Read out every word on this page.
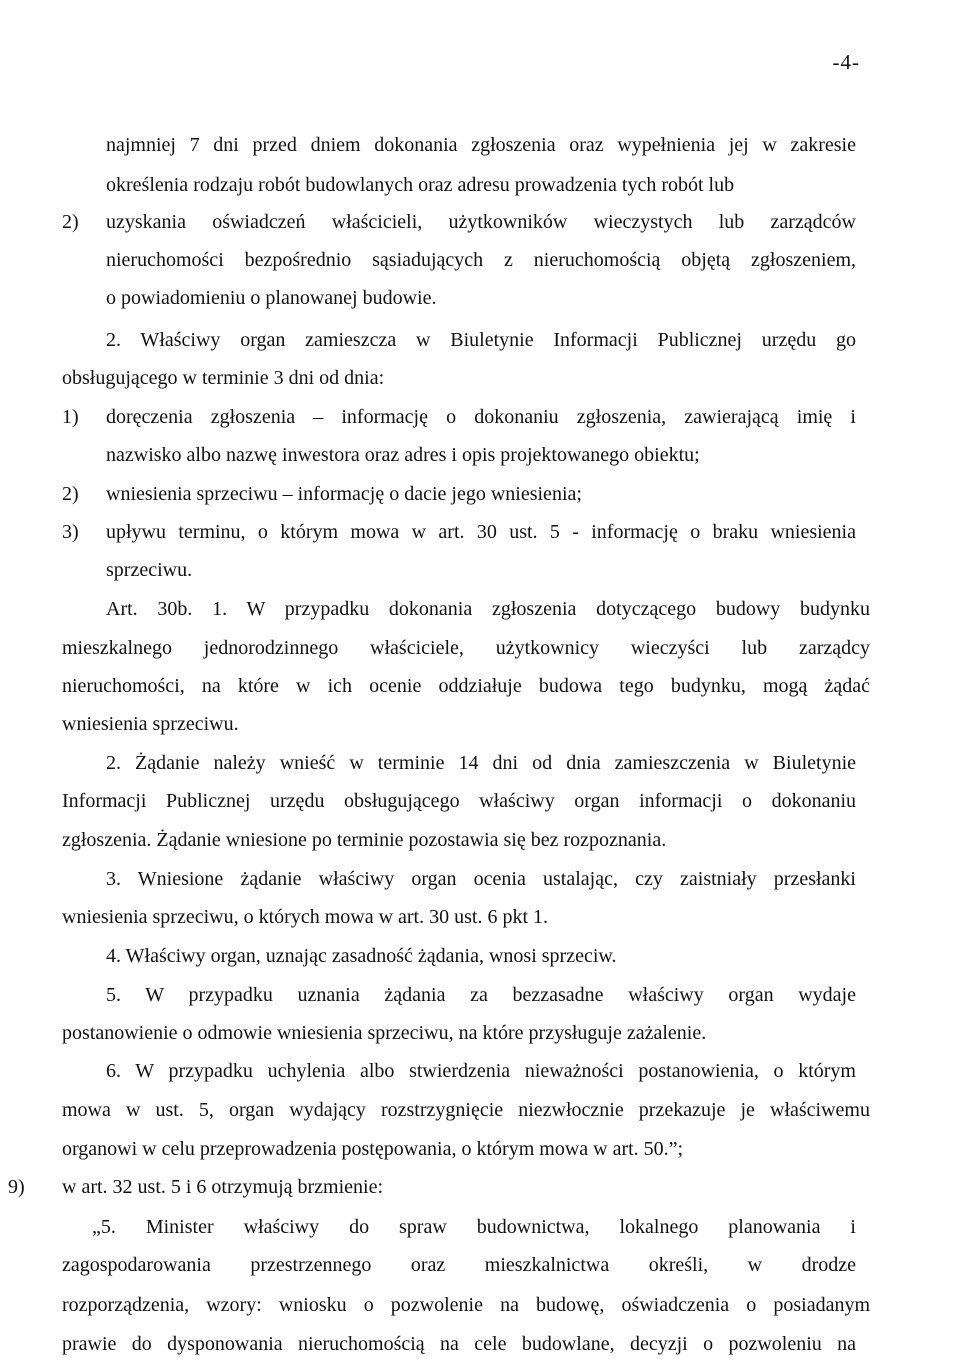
-4-
najmniej 7 dni przed dniem dokonania zgłoszenia oraz wypełnienia jej w zakresie
określenia rodzaju robót budowlanych oraz adresu prowadzenia tych robót lub
2) uzyskania oświadczeń właścicieli, użytkowników wieczystych lub zarządców
nieruchomości bezpośrednio sąsiadujących z nieruchomością objętą zgłoszeniem,
o powiadomieniu o planowanej budowie.
2. Właściwy organ zamieszcza w Biuletynie Informacji Publicznej urzędu go
obsługującego w terminie 3 dni od dnia:
1) doręczenia zgłoszenia – informację o dokonaniu zgłoszenia, zawierającą imię i
nazwisko albo nazwę inwestora oraz adres i opis projektowanego obiektu;
2) wniesienia sprzeciwu – informację o dacie jego wniesienia;
3) upływu terminu, o którym mowa w art. 30 ust. 5 - informację o braku wniesienia
sprzeciwu.
Art. 30b. 1. W przypadku dokonania zgłoszenia dotyczącego budowy budynku
mieszkalnego jednorodzinnego właściciele, użytkownicy wieczyści lub zarządcy
nieruchomości, na które w ich ocenie oddziałuje budowa tego budynku, mogą żądać
wniesienia sprzeciwu.
2. Żądanie należy wnieść w terminie 14 dni od dnia zamieszczenia w Biuletynie
Informacji Publicznej urzędu obsługującego właściwy organ informacji o dokonaniu
zgłoszenia. Żądanie wniesione po terminie pozostawia się bez rozpoznania.
3. Wniesione żądanie właściwy organ ocenia ustalając, czy zaistniały przesłanki
wniesienia sprzeciwu, o których mowa w art. 30 ust. 6 pkt 1.
4. Właściwy organ, uznając zasadność żądania, wnosi sprzeciw.
5. W przypadku uznania żądania za bezzasadne właściwy organ wydaje
postanowienie o odmowie wniesienia sprzeciwu, na które przysługuje zażalenie.
6. W przypadku uchylenia albo stwierdzenia nieważności postanowienia, o którym
mowa w ust. 5, organ wydający rozstrzygnięcie niezwłocznie przekazuje je właściwemu
organowi w celu przeprowadzenia postępowania, o którym mowa w art. 50.”;
9) w art. 32 ust. 5 i 6 otrzymują brzmienie:
„5. Minister właściwy do spraw budownictwa, lokalnego planowania i
zagospodarowania przestrzennego oraz mieszkalnictwa określi, w drodze
rozporządzenia, wzory: wniosku o pozwolenie na budowę, oświadczenia o posiadanym
prawie do dysponowania nieruchomością na cele budowlane, decyzji o pozwoleniu na
